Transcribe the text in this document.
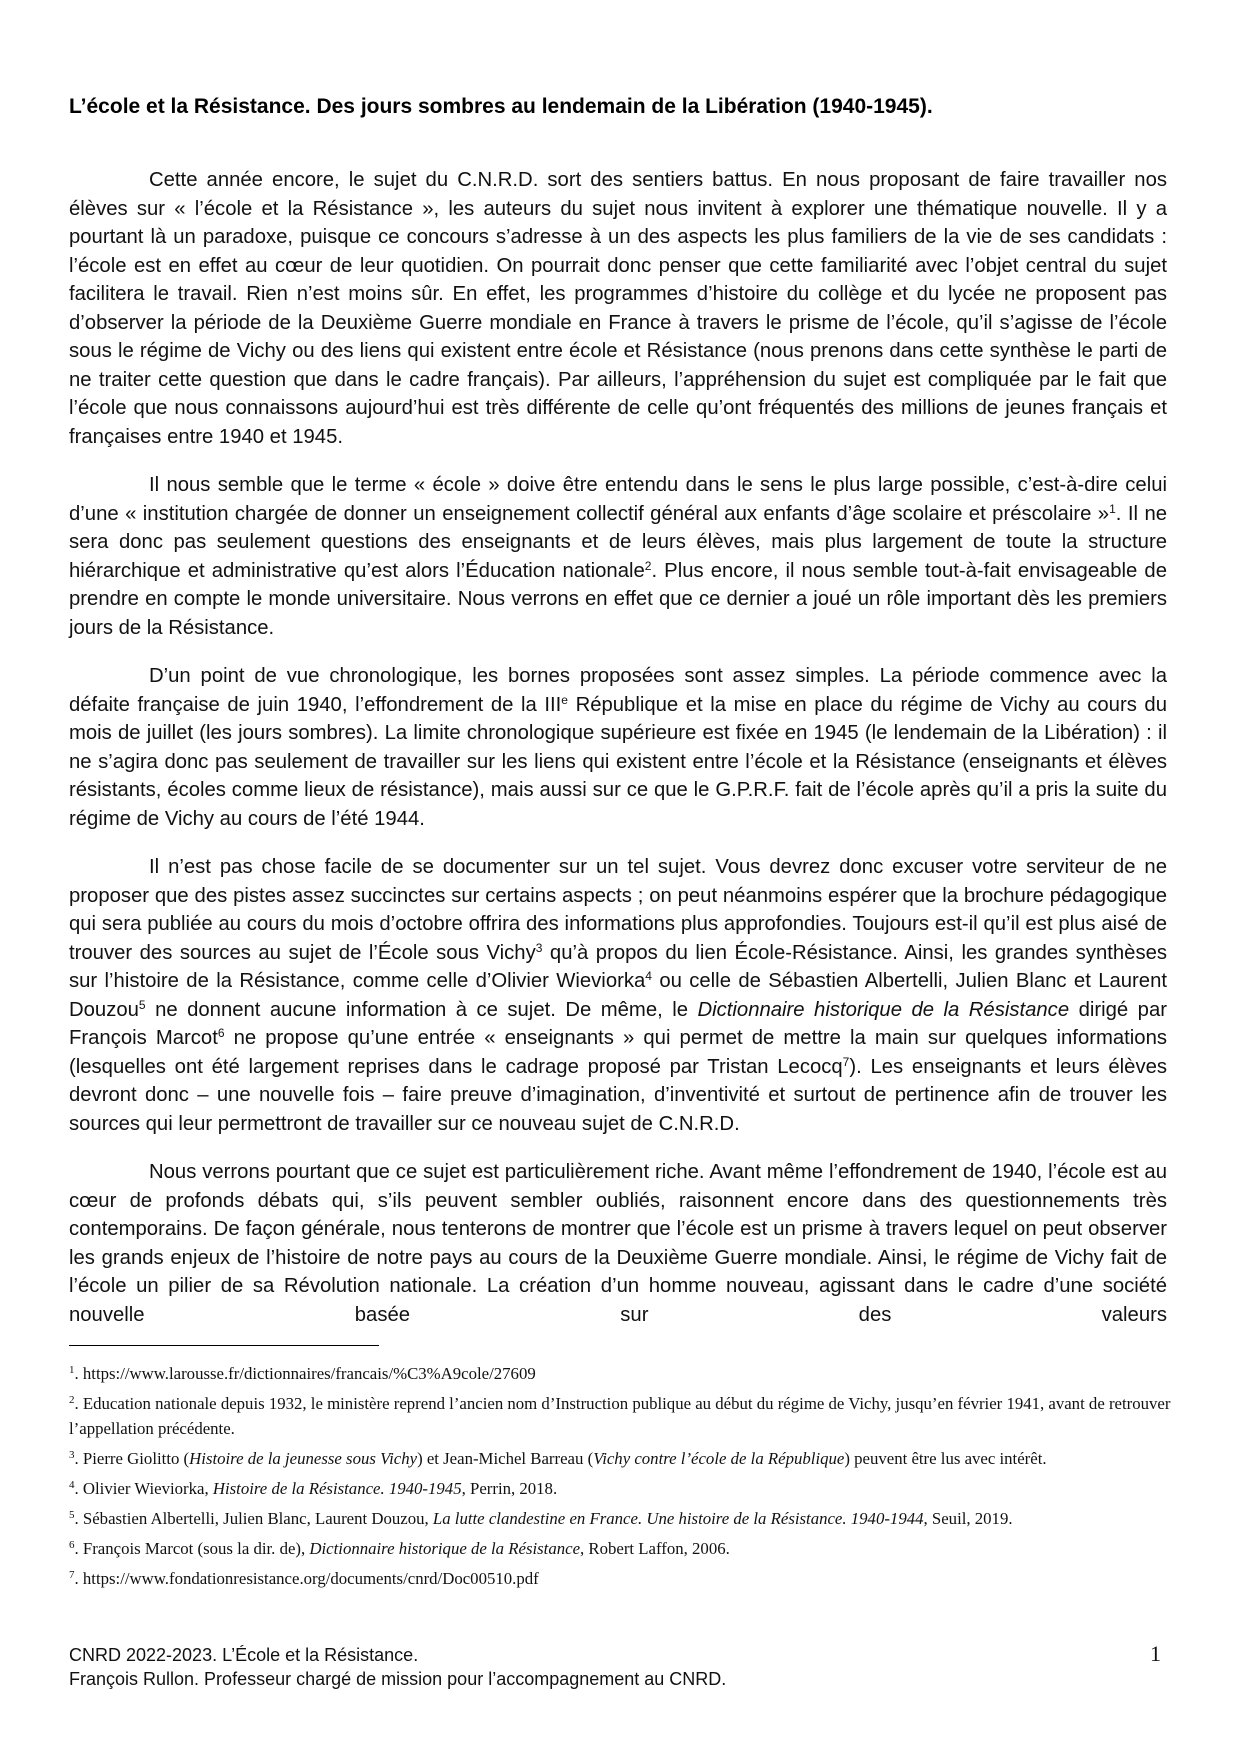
L’école et la Résistance. Des jours sombres au lendemain de la Libération (1940-1945).

Cette année encore, le sujet du C.N.R.D. sort des sentiers battus. En nous proposant de faire travailler nos élèves sur « l’école et la Résistance », les auteurs du sujet nous invitent à explorer une thématique nouvelle. Il y a pourtant là un paradoxe, puisque ce concours s’adresse à un des aspects les plus familiers de la vie de ses candidats : l’école est en effet au cœur de leur quotidien. On pourrait donc penser que cette familiarité avec l’objet central du sujet facilitera le travail. Rien n’est moins sûr. En effet, les programmes d’histoire du collège et du lycée ne proposent pas d’observer la période de la Deuxième Guerre mondiale en France à travers le prisme de l’école, qu’il s’agisse de l’école sous le régime de Vichy ou des liens qui existent entre école et Résistance (nous prenons dans cette synthèse le parti de ne traiter cette question que dans le cadre français). Par ailleurs, l’appréhension du sujet est compliquée par le fait que l’école que nous connaissons aujourd’hui est très différente de celle qu’ont fréquentés des millions de jeunes français et françaises entre 1940 et 1945.

Il nous semble que le terme « école » doive être entendu dans le sens le plus large possible, c’est-à-dire celui d’une « institution chargée de donner un enseignement collectif général aux enfants d’âge scolaire et préscolaire »$^1$. Il ne sera donc pas seulement questions des enseignants et de leurs élèves, mais plus largement de toute la structure hiérarchique et administrative qu’est alors l’Éducation nationale$^2$. Plus encore, il nous semble tout-à-fait envisageable de prendre en compte le monde universitaire. Nous verrons en effet que ce dernier a joué un rôle important dès les premiers jours de la Résistance.

D’un point de vue chronologique, les bornes proposées sont assez simples. La période commence avec la défaite française de juin 1940, l’effondrement de la IIIe République et la mise en place du régime de Vichy au cours du mois de juillet (les jours sombres). La limite chronologique supérieure est fixée en 1945 (le lendemain de la Libération) : il ne s’agira donc pas seulement de travailler sur les liens qui existent entre l’école et la Résistance (enseignants et élèves résistants, écoles comme lieux de résistance), mais aussi sur ce que le G.P.R.F. fait de l’école après qu’il a pris la suite du régime de Vichy au cours de l’été 1944.

Il n’est pas chose facile de se documenter sur un tel sujet. Vous devrez donc excuser votre serviteur de ne proposer que des pistes assez succinctes sur certains aspects ; on peut néanmoins espérer que la brochure pédagogique qui sera publiée au cours du mois d’octobre offrira des informations plus approfondies. Toujours est-il qu’il est plus aisé de trouver des sources au sujet de l’École sous Vichy$^3$ qu’à propos du lien École-Résistance. Ainsi, les grandes synthèses sur l’histoire de la Résistance, comme celle d’Olivier Wieviorka$^4$ ou celle de Sébastien Albertelli, Julien Blanc et Laurent Douzou$^5$ ne donnent aucune information à ce sujet. De même, le Dictionnaire historique de la Résistance dirigé par François Marcot$^6$ ne propose qu’une entrée « enseignants » qui permet de mettre la main sur quelques informations (lesquelles ont été largement reprises dans le cadrage proposé par Tristan Lecocq$^7$). Les enseignants et leurs élèves devront donc – une nouvelle fois – faire preuve d’imagination, d’inventivité et surtout de pertinence afin de trouver les sources qui leur permettront de travailler sur ce nouveau sujet de C.N.R.D.

Nous verrons pourtant que ce sujet est particulièrement riche. Avant même l’effondrement de 1940, l’école est au cœur de profonds débats qui, s’ils peuvent sembler oubliés, raisonnent encore dans des questionnements très contemporains. De façon générale, nous tenterons de montrer que l’école est un prisme à travers lequel on peut observer les grands enjeux de l’histoire de notre pays au cours de la Deuxième Guerre mondiale. Ainsi, le régime de Vichy fait de l’école un pilier de sa Révolution nationale. La création d’un homme nouveau, agissant dans le cadre d’une société nouvelle basée sur des valeurs

$^1$. https://www.larousse.fr/dictionnaires/francais/%C3%A9cole/27609
$^2$. Education nationale depuis 1932, le ministère reprend l’ancien nom d’Instruction publique au début du régime de Vichy, jusqu’en février 1941, avant de retrouver l’appellation précédente.
$^3$. Pierre Giolitto (Histoire de la jeunesse sous Vichy) et Jean-Michel Barreau (Vichy contre l’école de la République) peuvent être lus avec intérêt.
$^4$. Olivier Wieviorka, Histoire de la Résistance. 1940-1945, Perrin, 2018.
$^5$. Sébastien Albertelli, Julien Blanc, Laurent Douzou, La lutte clandestine en France. Une histoire de la Résistance. 1940-1944, Seuil, 2019.
$^6$. François Marcot (sous la dir. de), Dictionnaire historique de la Résistance, Robert Laffon, 2006.
$^7$. https://www.fondationresistance.org/documents/cnrd/Doc00510.pdf
CNRD 2022-2023. L’École et la Résistance.
François Rullon. Professeur chargé de mission pour l’accompagnement au CNRD.
1
